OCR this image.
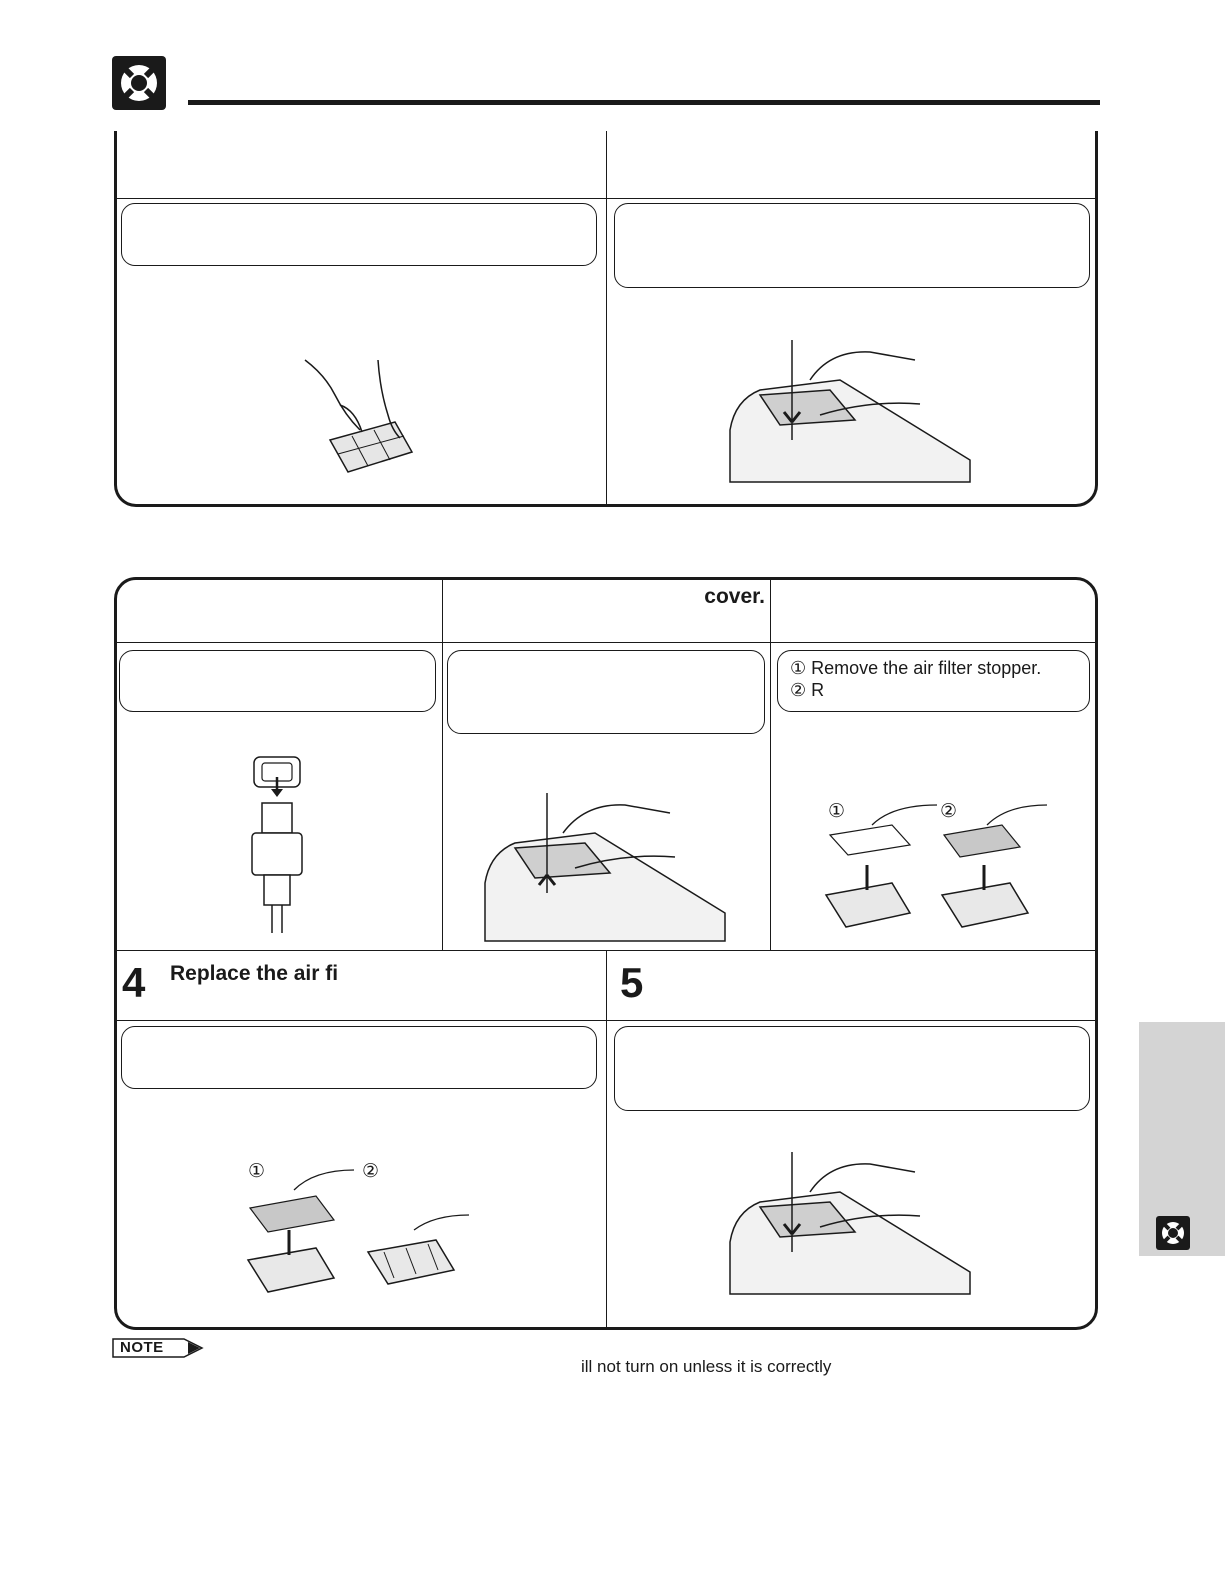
cover.
① Remove the air filter stopper.
② R
①	②
4 Replace the air fi	5
①	②
NOTE
ill not turn on unless it is correctly
